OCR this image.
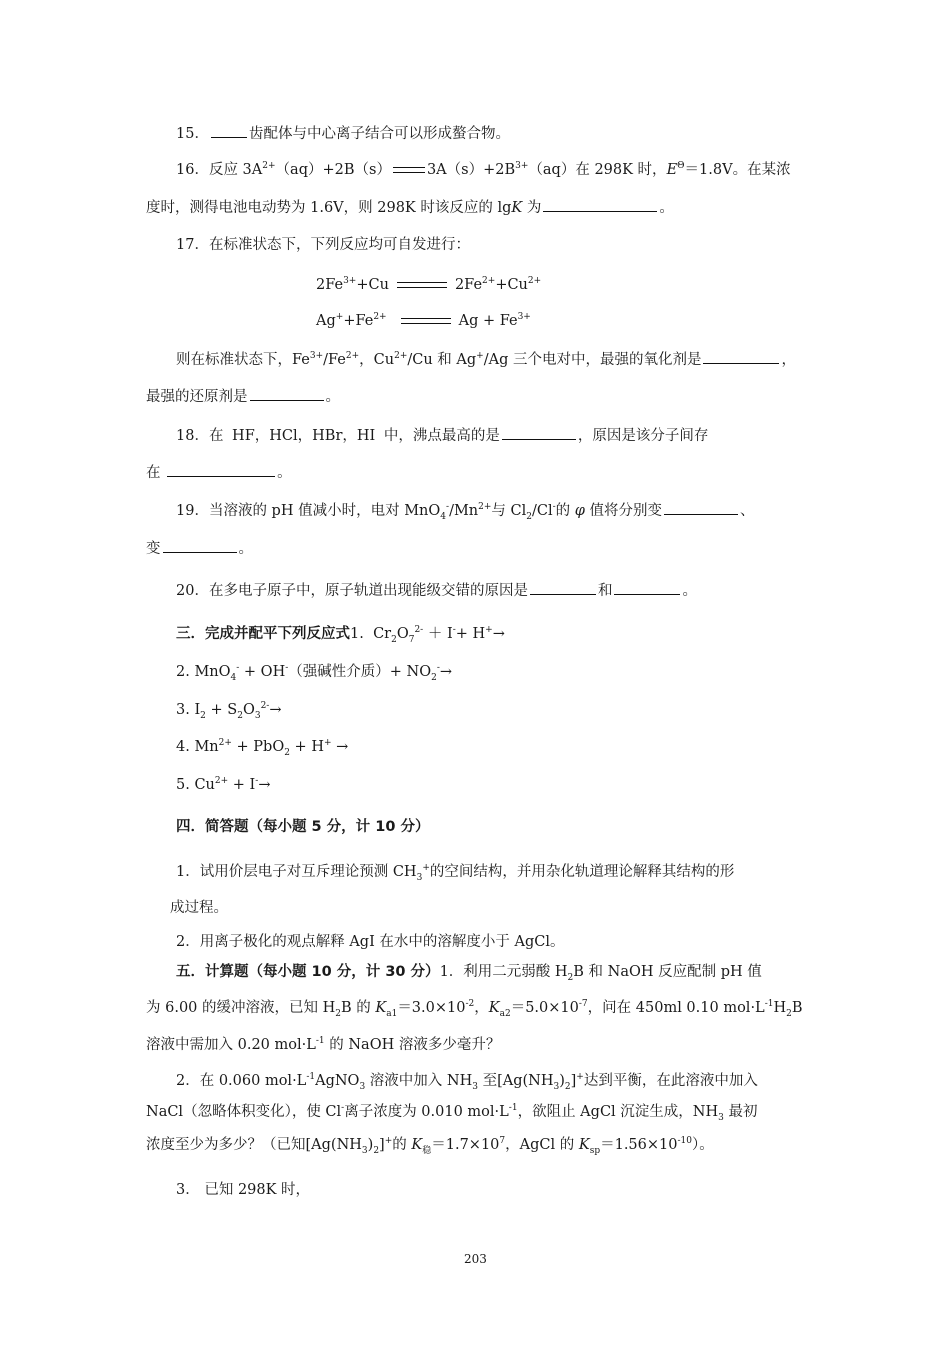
15．	齿配体与中心离子结合可以形成螯合物。
16．反应 $3A^{2+}(aq)+2B(s)$ $3A(s)+2B^{3+}(aq)$在 298K 时，$E^\Theta=1.8V$。在某浓
度时，测得电池电动势为 1.6V，则 298K 时该反应的 lgK 为	。
17．在标准状态下，下列反应均可自发进行：
$2Fe^{3+}+Cu$	$2Fe^{2+}+Cu^{2+}$
$Ag^++Fe^{2+}$	$Ag + Fe^{3+}$
则在标准状态下，$Fe^{3+}/Fe^{2+}$，$Cu^{2+}/Cu$ 和 Ag+/Ag 三个电对中，最强的氧化剂是	，
最强的还原剂是	。
18．在 HF，HCl，HBr，HI 中，沸点最高的是	，原因是该分子间存
在	。
19．当溶液的 pH 值减小时，电对 $MnO_4^-/Mn^{2+}$与 $Cl_2/Cl^-$的 φ 值将分别变	、
变	。
20．在多电子原子中，原子轨道出现能级交错的原因是	和	。
三．完成并配平下列反应式1. $Cr_2O_7^{2-} + I^-+ H^+\to$
2. MnO$_4$- + OH-（强碱性介质）+ $NO_2^-\to$
3. $I_2 + S_2O_3^{2-}\to$
4. $Mn^{2+} + PbO_2 + H^+$ →
5. $Cu^{2+} + I^-\to$
四．简答题（每小题 5 分，计 10 分）
1．试用价层电子对互斥理论预测 $CH_3^+$的空间结构，并用杂化轨道理论解释其结构的形
成过程。
2．用离子极化的观点解释 AgI 在水中的溶解度小于 AgCl。
五．计算题（每小题 10 分，计 30 分）1．利用二元弱酸 $H_2B$ 和 NaOH 反应配制 pH 值
为 6.00 的缓冲溶液，已知 $H_2B$ 的 $K_{a1}=3.0\times 10^{-2}$，$K_{a2}=5.0\times 10^{-7}$，问在 450ml 0.10 $mol\cdot L^{-1}H_2B$
溶液中需加入 0.20 $mol\cdot L^{-1}$ 的 NaOH 溶液多少毫升？
2．在 0.060 $mol\cdot L^{-1}AgNO_3$ 溶液中加入 $NH_3$ 至$[Ag(NH_3)_2]^+$达到平衡，在此溶液中加入
NaCl（忽略体积变化），使 Cl-离子浓度为 0.010 $mol\cdot L^{-1}$，欲阻止 AgCl 沉淀生成，$NH_3$ 最初
浓度至少为多少？（已知$[Ag(NH_3)_2]^+$的 $K_稳=1.7\times 10^7$，AgCl 的 $K_{sp}=1.56\times 10^{-10}$）。
3． 已知 298K 时，
203
